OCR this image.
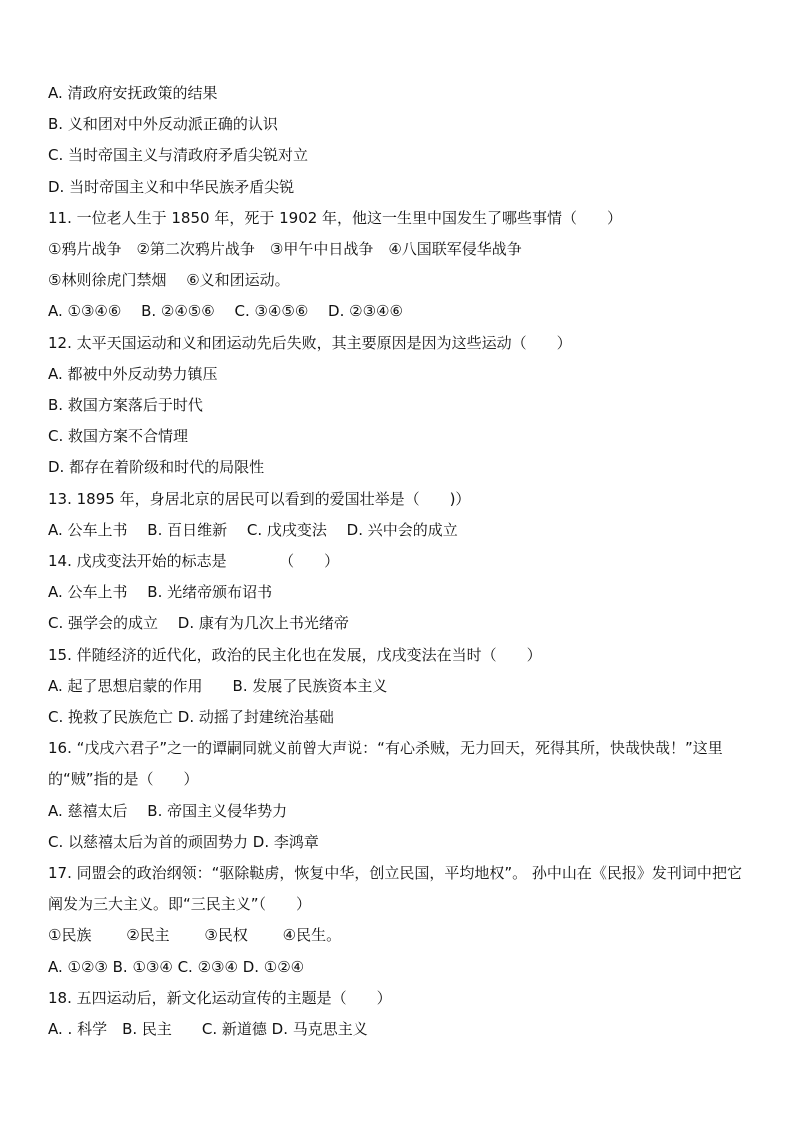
A. 清政府安抚政策的结果
B. 义和团对中外反动派正确的认识
C. 当时帝国主义与清政府矛盾尖锐对立
D. 当时帝国主义和中华民族矛盾尖锐
11. 一位老人生于 1850 年，死于 1902 年，他这一生里中国发生了哪些事情（　　）
①鸦片战争　②第二次鸦片战争　③甲午中日战争　④八国联军侵华战争
⑤林则徐虎门禁烟　 ⑥义和团运动。
A. ①③④⑥　 B. ②④⑤⑥　 C. ③④⑤⑥　 D. ②③④⑥
12. 太平天国运动和义和团运动先后失败，其主要原因是因为这些运动（　　）
A. 都被中外反动势力镇压
B. 救国方案落后于时代
C. 救国方案不合情理
D. 都存在着阶级和时代的局限性
13. 1895 年，身居北京的居民可以看到的爱国壮举是（　　)）
A. 公车上书　 B. 百日维新　 C. 戊戌变法　 D. 兴中会的成立
14. 戊戌变法开始的标志是　　　　（　　）
A. 公车上书　 B. 光绪帝颁布诏书
C. 强学会的成立　 D. 康有为几次上书光绪帝
15. 伴随经济的近代化，政治的民主化也在发展，戊戌变法在当时（　　）
A. 起了思想启蒙的作用　　B. 发展了民族资本主义
C. 挽救了民族危亡 D. 动摇了封建统治基础
16. “戊戌六君子”之一的谭嗣同就义前曾大声说：“有心杀贼，无力回天，死得其所，快哉快哉！”这里的“贼”指的是（　　）
A. 慈禧太后　 B. 帝国主义侵华势力
C. 以慈禧太后为首的顽固势力 D. 李鸿章
17. 同盟会的政治纲领：“驱除鞑虏，恢复中华，创立民国，平均地权”。 孙中山在《民报》发刊词中把它阐发为三大主义。即“三民主义”（　　）
①民族　　 ②民主　　 ③民权　　 ④民生。
A. ①②③ B. ①③④ C. ②③④ D. ①②④
18. 五四运动后，新文化运动宣传的主题是（　　）
A. . 科学　B. 民主　　C. 新道德 D. 马克思主义
